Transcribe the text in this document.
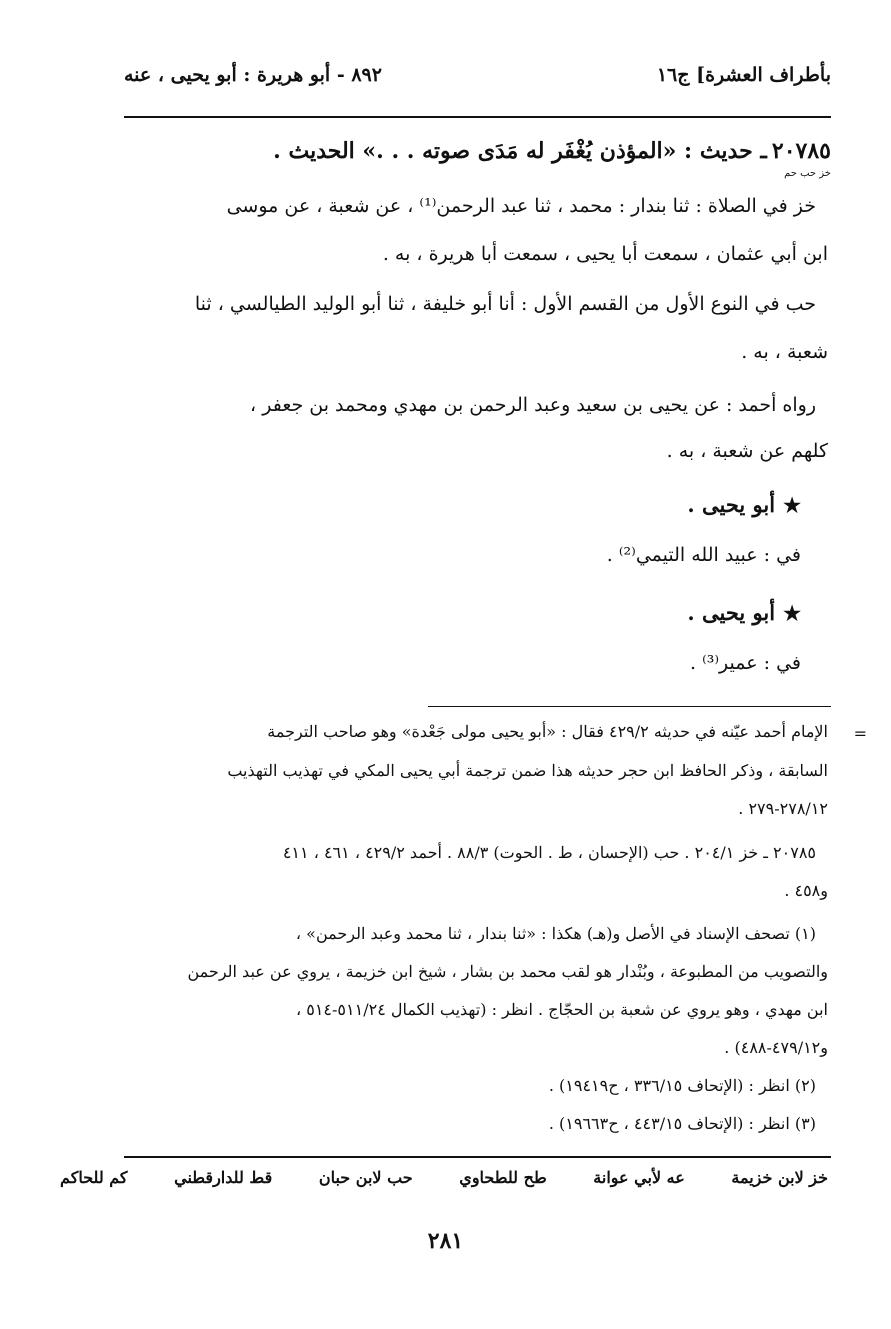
بأطراف العشرة] ج١٦
٨٩٢ - أبو هريرة : أبو يحيى ، عنه
٢٠٧٨٥ ـ حديث : «المؤذن يُغْفَر له مَدَى صوته . . .» الحديث .
خز حب حم
خز في الصلاة : ثنا بندار : محمد ، ثنا عبد الرحمن⁽¹⁾ ، عن شعبة ، عن موسى
ابن أبي عثمان ، سمعت أبا يحيى ، سمعت أبا هريرة ، به .
حب في النوع الأول من القسم الأول : أنا أبو خليفة ، ثنا أبو الوليد الطيالسي ، ثنا
شعبة ، به .
رواه أحمد : عن يحيى بن سعيد وعبد الرحمن بن مهدي ومحمد بن جعفر ،
كلهم عن شعبة ، به .
★أبو يحيى .
في : عبيد الله التيمي⁽²⁾ .
★أبو يحيى .
في : عمير⁽³⁾ .
=
الإمام أحمد عيّنه في حديثه ٤٢٩/٢ فقال : «أبو يحيى مولى جَعْدة» وهو صاحب الترجمة
السابقة ، وذكر الحافظ ابن حجر حديثه هذا ضمن ترجمة أبي يحيى المكي في تهذيب التهذيب
٢٧٨/١٢-٢٧٩ .
٢٠٧٨٥ ـ خز ٢٠٤/١ . حب (الإحسان ، ط . الحوت) ٨٨/٣ . أحمد ٤٢٩/٢ ، ٤٦١ ، ٤١١
و٤٥٨ .
(١) تصحف الإسناد في الأصل و(هـ) هكذا : «ثنا بندار ، ثنا محمد وعبد الرحمن» ،
والتصويب من المطبوعة ، وبُنْدار هو لقب محمد بن بشار ، شيخ ابن خزيمة ، يروي عن عبد الرحمن
ابن مهدي ، وهو يروي عن شعبة بن الحجّاج . انظر : (تهذيب الكمال ٥١١/٢٤-٥١٤ ،
و٤٧٩/١٢-٤٨٨) .
(٢) انظر : (الإتحاف ٣٣٦/١٥ ، ح١٩٤١٩) .
(٣) انظر : (الإتحاف ٤٤٣/١٥ ، ح١٩٦٦٣) .
خز لابن خزيمة
عه لأبي عوانة
طح للطحاوي
حب لابن حبان
قط للدارقطني
كم للحاكم
٢٨١
